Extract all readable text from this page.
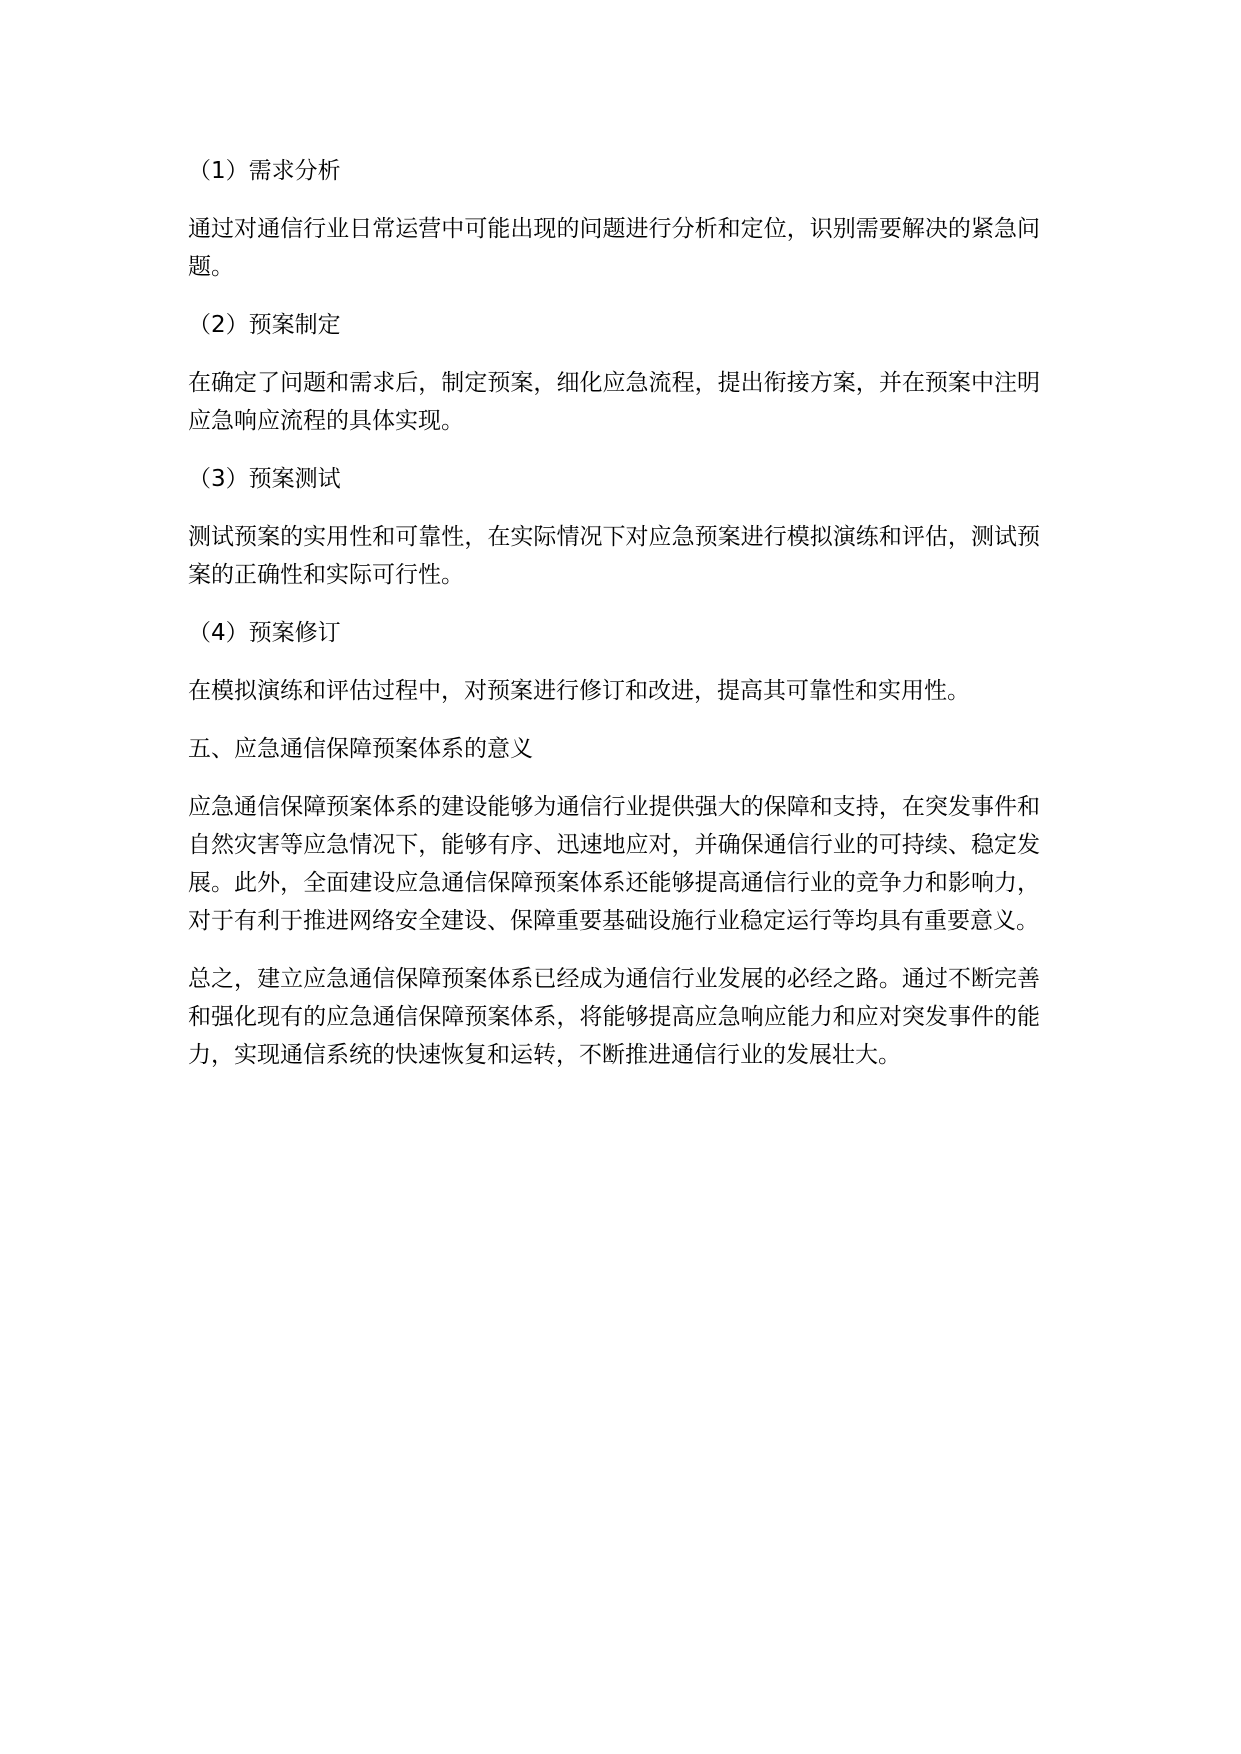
（1）需求分析

通过对通信行业日常运营中可能出现的问题进行分析和定位，识别需要解决的紧急问题。

（2）预案制定

在确定了问题和需求后，制定预案，细化应急流程，提出衔接方案，并在预案中注明应急响应流程的具体实现。

（3）预案测试

测试预案的实用性和可靠性，在实际情况下对应急预案进行模拟演练和评估，测试预案的正确性和实际可行性。

（4）预案修订

在模拟演练和评估过程中，对预案进行修订和改进，提高其可靠性和实用性。

五、应急通信保障预案体系的意义

应急通信保障预案体系的建设能够为通信行业提供强大的保障和支持，在突发事件和自然灾害等应急情况下，能够有序、迅速地应对，并确保通信行业的可持续、稳定发展。此外，全面建设应急通信保障预案体系还能够提高通信行业的竞争力和影响力，对于有利于推进网络安全建设、保障重要基础设施行业稳定运行等均具有重要意义。

总之，建立应急通信保障预案体系已经成为通信行业发展的必经之路。通过不断完善和强化现有的应急通信保障预案体系，将能够提高应急响应能力和应对突发事件的能力，实现通信系统的快速恢复和运转，不断推进通信行业的发展壮大。
